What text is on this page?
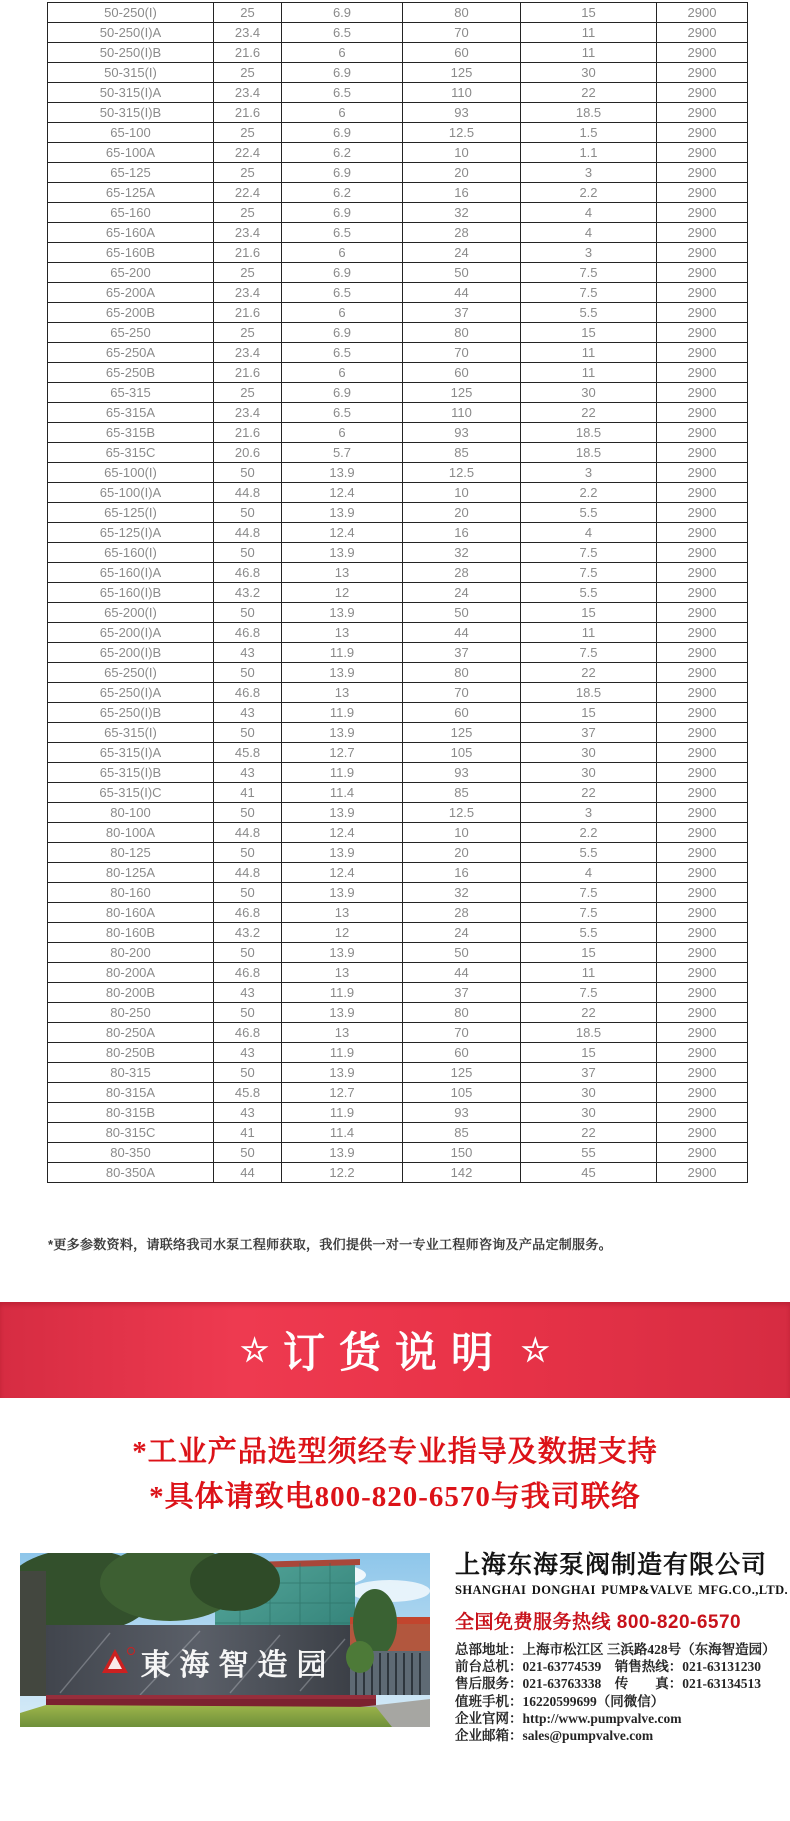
50-250(I)	25	6.9	80	15	2900
50-250(I)A	23.4	6.5	70	11	2900
50-250(I)B	21.6	6	60	11	2900
50-315(I)	25	6.9	125	30	2900
50-315(I)A	23.4	6.5	110	22	2900
50-315(I)B	21.6	6	93	18.5	2900
65-100	25	6.9	12.5	1.5	2900
65-100A	22.4	6.2	10	1.1	2900
65-125	25	6.9	20	3	2900
65-125A	22.4	6.2	16	2.2	2900
65-160	25	6.9	32	4	2900
65-160A	23.4	6.5	28	4	2900
65-160B	21.6	6	24	3	2900
65-200	25	6.9	50	7.5	2900
65-200A	23.4	6.5	44	7.5	2900
65-200B	21.6	6	37	5.5	2900
65-250	25	6.9	80	15	2900
65-250A	23.4	6.5	70	11	2900
65-250B	21.6	6	60	11	2900
65-315	25	6.9	125	30	2900
65-315A	23.4	6.5	110	22	2900
65-315B	21.6	6	93	18.5	2900
65-315C	20.6	5.7	85	18.5	2900
65-100(I)	50	13.9	12.5	3	2900
65-100(I)A	44.8	12.4	10	2.2	2900
65-125(I)	50	13.9	20	5.5	2900
65-125(I)A	44.8	12.4	16	4	2900
65-160(I)	50	13.9	32	7.5	2900
65-160(I)A	46.8	13	28	7.5	2900
65-160(I)B	43.2	12	24	5.5	2900
65-200(I)	50	13.9	50	15	2900
65-200(I)A	46.8	13	44	11	2900
65-200(I)B	43	11.9	37	7.5	2900
65-250(I)	50	13.9	80	22	2900
65-250(I)A	46.8	13	70	18.5	2900
65-250(I)B	43	11.9	60	15	2900
65-315(I)	50	13.9	125	37	2900
65-315(I)A	45.8	12.7	105	30	2900
65-315(I)B	43	11.9	93	30	2900
65-315(I)C	41	11.4	85	22	2900
80-100	50	13.9	12.5	3	2900
80-100A	44.8	12.4	10	2.2	2900
80-125	50	13.9	20	5.5	2900
80-125A	44.8	12.4	16	4	2900
80-160	50	13.9	32	7.5	2900
80-160A	46.8	13	28	7.5	2900
80-160B	43.2	12	24	5.5	2900
80-200	50	13.9	50	15	2900
80-200A	46.8	13	44	11	2900
80-200B	43	11.9	37	7.5	2900
80-250	50	13.9	80	22	2900
80-250A	46.8	13	70	18.5	2900
80-250B	43	11.9	60	15	2900
80-315	50	13.9	125	37	2900
80-315A	45.8	12.7	105	30	2900
80-315B	43	11.9	93	30	2900
80-315C	41	11.4	85	22	2900
80-350	50	13.9	150	55	2900
80-350A	44	12.2	142	45	2900

*更多参数资料，请联络我司水泵工程师获取，我们提供一对一专业工程师咨询及产品定制服务。

☆ 订货说明 ☆

*工业产品选型须经专业指导及数据支持

*具体请致电800-820-6570与我司联络

東海智造园
上海东海泵阀制造有限公司
SHANGHAI DONGHAI PUMP&VALVE MFG.CO.,LTD.
全国免费服务热线 800-820-6570
总部地址：上海市松江区 三浜路428号（东海智造园）
前台总机：021-63774539　销售热线：021-63131230
售后服务：021-63763338　传　　真：021-63134513
值班手机：16220599699（同微信）
企业官网：http://www.pumpvalve.com
企业邮箱：sales@pumpvalve.com
